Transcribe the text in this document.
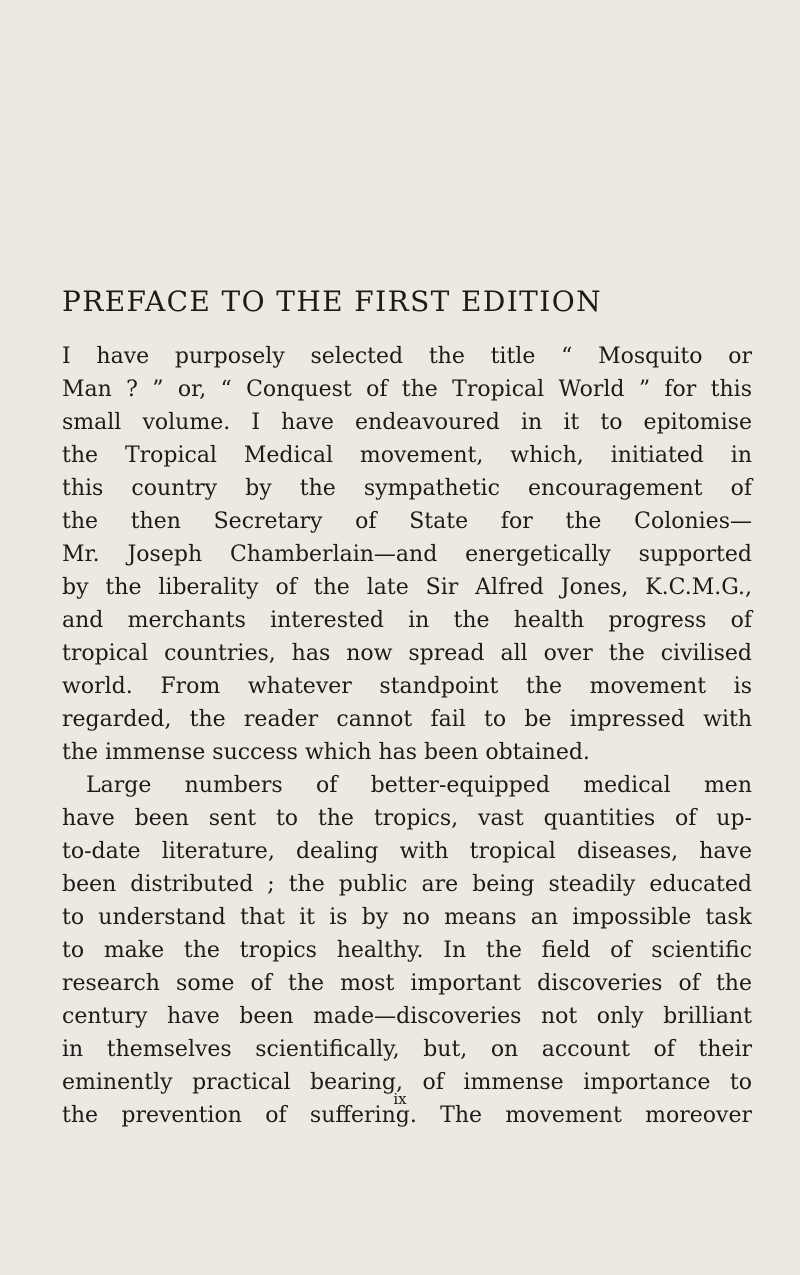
PREFACE TO THE FIRST EDITION
I have purposely selected the title “ Mosquito or
Man ? ” or, “ Conquest of the Tropical World ” for this
small volume. I have endeavoured in it to epitomise
the Tropical Medical movement, which, initiated in
this country by the sympathetic encouragement of
the then Secretary of State for the Colonies—
Mr. Joseph Chamberlain—and energetically supported
by the liberality of the late Sir Alfred Jones, K.C.M.G.,
and merchants interested in the health progress of
tropical countries, has now spread all over the civilised
world. From whatever standpoint the movement is
regarded, the reader cannot fail to be impressed with
the immense success which has been obtained.
Large numbers of better-equipped medical men
have been sent to the tropics, vast quantities of up-
to-date literature, dealing with tropical diseases, have
been distributed ; the public are being steadily educated
to understand that it is by no means an impossible task
to make the tropics healthy. In the field of scientific
research some of the most important discoveries of the
century have been made—discoveries not only brilliant
in themselves scientifically, but, on account of their
eminently practical bearing, of immense importance to
the prevention of suffering. The movement moreover
ix
